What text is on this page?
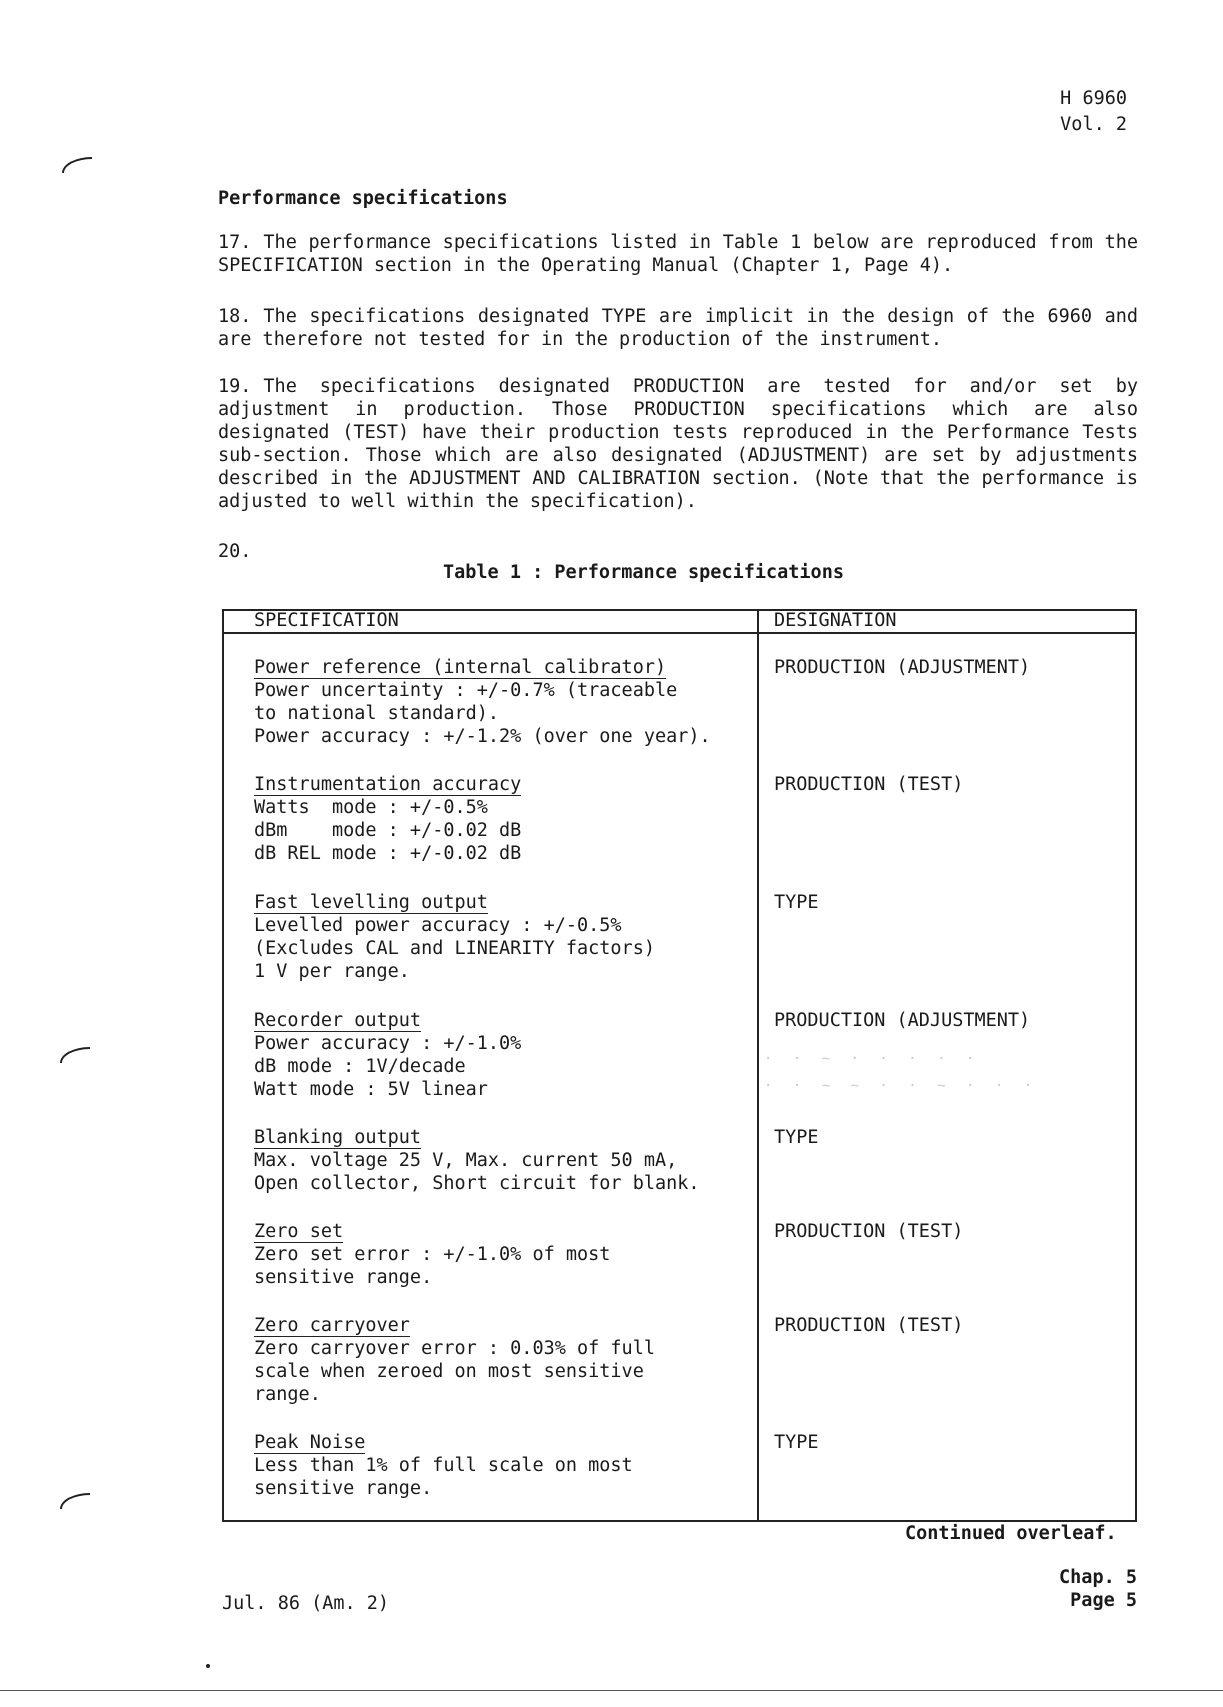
H 6960
Vol. 2
Performance specifications
17. The performance specifications listed in Table 1 below are reproduced from the SPECIFICATION section in the Operating Manual (Chapter 1, Page 4).
18. The specifications designated TYPE are implicit in the design of the 6960 and are therefore not tested for in the production of the instrument.
19. The specifications designated PRODUCTION are tested for and/or set by adjustment in production. Those PRODUCTION specifications which are also designated (TEST) have their production tests reproduced in the Performance Tests sub-section. Those which are also designated (ADJUSTMENT) are set by adjustments described in the ADJUSTMENT AND CALIBRATION section. (Note that the performance is adjusted to well within the specification).
20.
Table 1 : Performance specifications
SPECIFICATION	DESIGNATION
Power reference (internal calibrator)
Power uncertainty : +/-0.7% (traceable
to national standard).
Power accuracy : +/-1.2% (over one year).
PRODUCTION (ADJUSTMENT)
Instrumentation accuracy
Watts  mode : +/-0.5%
dBm    mode : +/-0.02 dB
dB REL mode : +/-0.02 dB
PRODUCTION (TEST)
Fast levelling output
Levelled power accuracy : +/-0.5%
(Excludes CAL and LINEARITY factors)
1 V per range.
TYPE
Recorder output
Power accuracy : +/-1.0%
dB mode : 1V/decade
Watt mode : 5V linear
PRODUCTION (ADJUSTMENT)
· · ~ · · · · ·
· · ~ ~ · · ~ · · ·
Blanking output
Max. voltage 25 V, Max. current 50 mA,
Open collector, Short circuit for blank.
TYPE
Zero set
Zero set error : +/-1.0% of most
sensitive range.
PRODUCTION (TEST)
Zero carryover
Zero carryover error : 0.03% of full
scale when zeroed on most sensitive
range.
PRODUCTION (TEST)
Peak Noise
Less than 1% of full scale on most
sensitive range.
TYPE
Continued overleaf.
Jul. 86 (Am. 2)
Chap. 5
Page 5
